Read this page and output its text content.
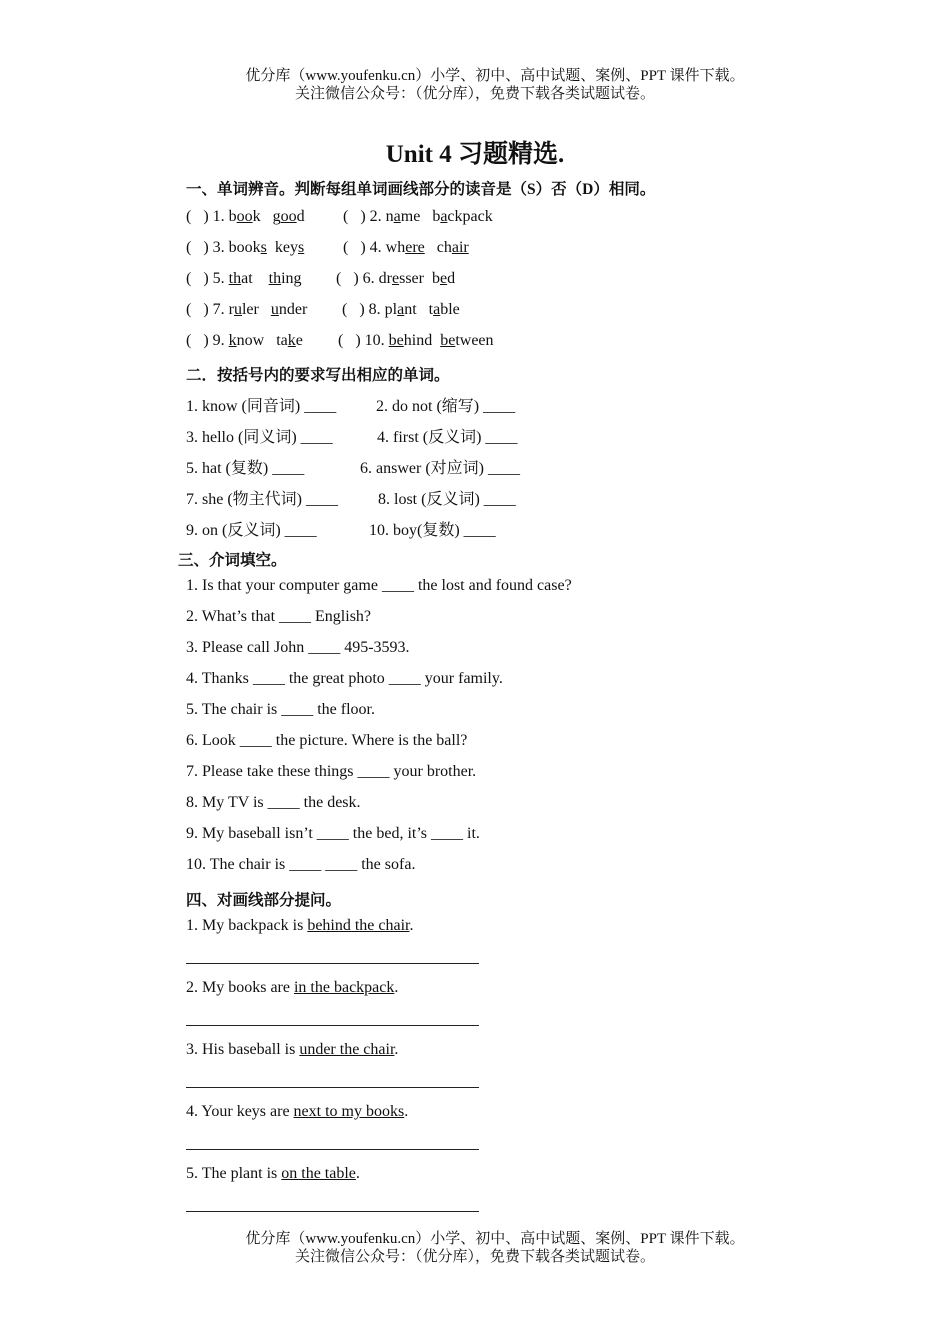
优分库（www.youfenku.cn）小学、初中、高中试题、案例、PPT 课件下载。
关注微信公众号：（优分库），免费下载各类试题试卷。
Unit 4 习题精选.
一、单词辨音。判断每组单词画线部分的读音是（S）否（D）相同。
(   ) 1. book   good (   ) 2. name   backpack
(   ) 3. books  keys (   ) 4. where   chair
(   ) 5. that    thing (   ) 6. dresser  bed
(   ) 7. ruler   under (   ) 8. plant   table
(   ) 9. know   take (   ) 10. behind  between
二．按括号内的要求写出相应的单词。
1. know (同音词) ____ 2. do not (缩写) ____
3. hello (同义词) ____	4. first (反义词) ____
5. hat (复数) ____	6. answer (对应词) ____
7. she (物主代词) ____	8. lost (反义词) ____
9. on (反义词) ____	10. boy(复数) ____
三、介词填空。
1. Is that your computer game ____ the lost and found case?
2. What’s that ____ English?
3. Please call John ____ 495-3593.
4. Thanks ____ the great photo ____ your family.
5. The chair is ____ the floor.
6. Look ____ the picture. Where is the ball?
7. Please take these things ____ your brother.
8. My TV is ____ the desk.
9. My baseball isn’t ____ the bed, it’s ____ it.
10. The chair is ____ ____ the sofa.
四、对画线部分提问。
1. My backpack is behind the chair.
2. My books are in the backpack.
3. His baseball is under the chair.
4. Your keys are next to my books.
5. The plant is on the table.
优分库（www.youfenku.cn）小学、初中、高中试题、案例、PPT 课件下载。
关注微信公众号：（优分库），免费下载各类试题试卷。
